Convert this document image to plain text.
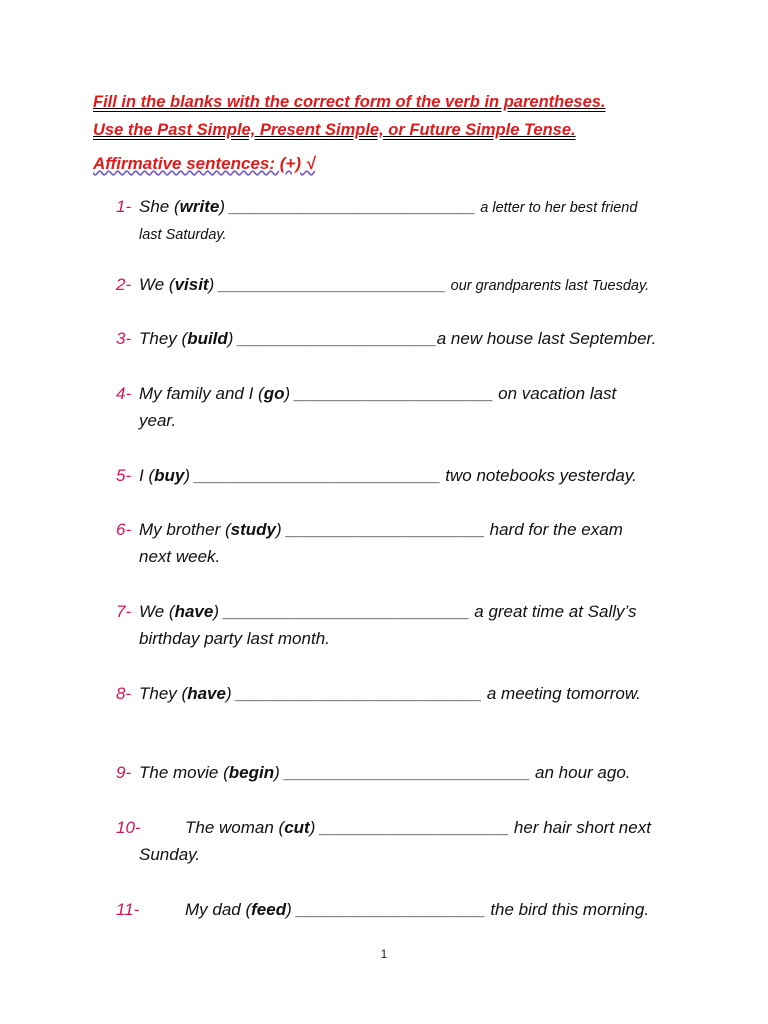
Fill in the blanks with the correct form of the verb in parentheses.
Use the Past Simple, Present Simple, or Future Simple Tense.
Affirmative sentences: (+) √
1- She (write) __________________________ a letter to her best friend
last Saturday.
2- We (visit) ________________________ our grandparents last Tuesday.
3- They (build) _____________________a new house last September.
4- My family and I (go) _____________________ on vacation last
year.
5- I (buy) __________________________ two notebooks yesterday.
6- My brother (study) _____________________ hard for the exam
next week.
7- We (have) __________________________ a great time at Sally’s
birthday party last month.
8- They (have) __________________________ a meeting tomorrow.
9- The movie (begin) __________________________ an hour ago.
10-	The woman (cut) ____________________ her hair short next
Sunday.
11-	My dad (feed) ____________________ the bird this morning.
1
